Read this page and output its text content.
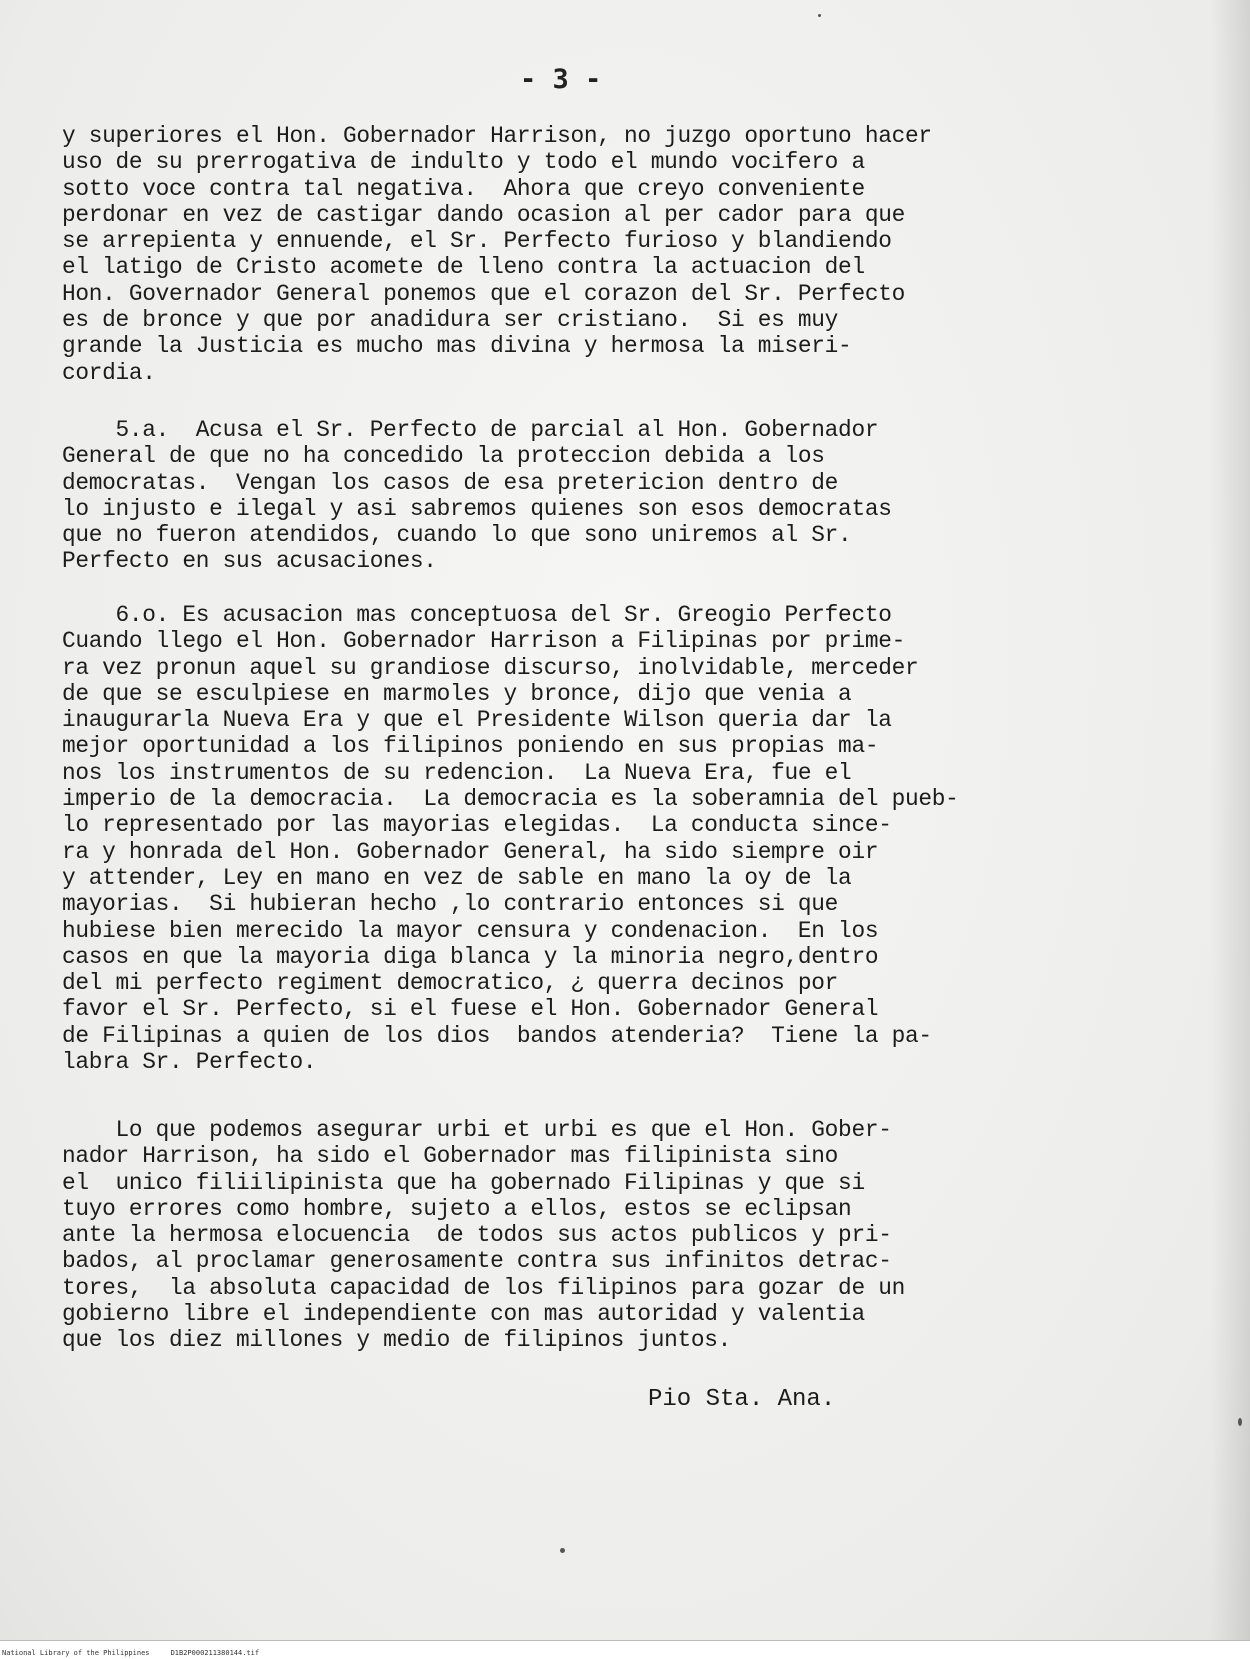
- 3 -
y superiores el Hon. Gobernador Harrison, no juzgo oportuno hacer
uso de su prerrogativa de indulto y todo el mundo vocifero a
sotto voce contra tal negativa.  Ahora que creyo conveniente
perdonar en vez de castigar dando ocasion al per cador para que
se arrepienta y ennuende, el Sr. Perfecto furioso y blandiendo
el latigo de Cristo acomete de lleno contra la actuacion del
Hon. Governador General ponemos que el corazon del Sr. Perfecto
es de bronce y que por anadidura ser cristiano.  Si es muy
grande la Justicia es mucho mas divina y hermosa la miseri-
cordia.
5.a.  Acusa el Sr. Perfecto de parcial al Hon. Gobernador
General de que no ha concedido la proteccion debida a los
democratas.  Vengan los casos de esa pretericion dentro de
lo injusto e ilegal y asi sabremos quienes son esos democratas
que no fueron atendidos, cuando lo que sono uniremos al Sr.
Perfecto en sus acusaciones.
6.o. Es acusacion mas conceptuosa del Sr. Greogio Perfecto
Cuando llego el Hon. Gobernador Harrison a Filipinas por prime-
ra vez pronun aquel su grandiose discurso, inolvidable, merceder
de que se esculpiese en marmoles y bronce, dijo que venia a
inaugurarla Nueva Era y que el Presidente Wilson queria dar la
mejor oportunidad a los filipinos poniendo en sus propias ma-
nos los instrumentos de su redencion.  La Nueva Era, fue el
imperio de la democracia.  La democracia es la soberamnia del pueb-
lo representado por las mayorias elegidas.  La conducta since-
ra y honrada del Hon. Gobernador General, ha sido siempre oir
y attender, Ley en mano en vez de sable en mano la oy de la
mayorias.  Si hubieran hecho ,lo contrario entonces si que
hubiese bien merecido la mayor censura y condenacion.  En los
casos en que la mayoria diga blanca y la minoria negro,dentro
del mi perfecto regiment democratico, ¿ querra decinos por
favor el Sr. Perfecto, si el fuese el Hon. Gobernador General
de Filipinas a quien de los dios  bandos atenderia?  Tiene la pa-
labra Sr. Perfecto.
Lo que podemos asegurar urbi et urbi es que el Hon. Gober-
nador Harrison, ha sido el Gobernador mas filipinista sino
el  unico filiilipinista que ha gobernado Filipinas y que si
tuyo errores como hombre, sujeto a ellos, estos se eclipsan
ante la hermosa elocuencia  de todos sus actos publicos y pri-
bados, al proclamar generosamente contra sus infinitos detrac-
tores,  la absoluta capacidad de los filipinos para gozar de un
gobierno libre el independiente con mas autoridad y valentia
que los diez millones y medio de filipinos juntos.
Pio Sta. Ana.
National Library of the Philippines     D1B2P000211380144.tif
